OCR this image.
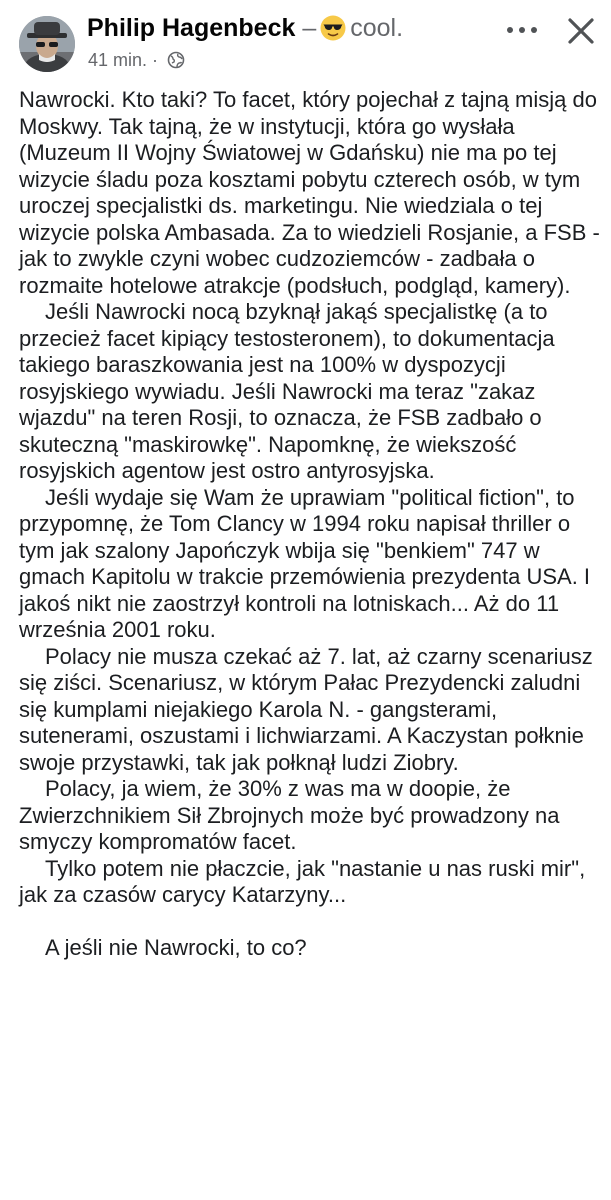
Philip Hagenbeck – cool.
41 min. ·

Nawrocki. Kto taki? To facet, który pojechał z tajną misją do Moskwy. Tak tajną, że w instytucji, która go wysłała (Muzeum II Wojny Światowej w Gdańsku) nie ma po tej wizycie śladu poza kosztami pobytu czterech osób, w tym uroczej specjalistki ds. marketingu. Nie wiedziala o tej wizycie polska Ambasada. Za to wiedzieli Rosjanie, a FSB - jak to zwykle czyni wobec cudzoziemców - zadbała o rozmaite hotelowe atrakcje (podsłuch, podgląd, kamery).

Jeśli Nawrocki nocą bzyknął jakąś specjalistkę (a to przecież facet kipiący testosteronem), to dokumentacja takiego baraszkowania jest na 100% w dyspozycji rosyjskiego wywiadu. Jeśli Nawrocki ma teraz "zakaz wjazdu" na teren Rosji, to oznacza, że FSB zadbało o skuteczną "maskirowkę". Napomknę, że wiekszość rosyjskich agentow jest ostro antyrosyjska.

Jeśli wydaje się Wam że uprawiam "political fiction", to przypomnę, że Tom Clancy w 1994 roku napisał thriller o tym jak szalony Japończyk wbija się "benkiem" 747 w gmach Kapitolu w trakcie przemówienia prezydenta USA. I jakoś nikt nie zaostrzył kontroli na lotniskach... Aż do 11 września 2001 roku.

Polacy nie musza czekać aż 7. lat, aż czarny scenariusz się ziści. Scenariusz, w którym Pałac Prezydencki zaludni się kumplami niejakiego Karola N. - gangsterami, sutenerami, oszustami i lichwiarzami. A Kaczystan połknie swoje przystawki, tak jak połknął ludzi Ziobry.

Polacy, ja wiem, że 30% z was ma w doopie, że Zwierzchnikiem Sił Zbrojnych może być prowadzony na smyczy kompromatów facet.

Tylko potem nie płaczcie, jak "nastanie u nas ruski mir", jak za czasów carycy Katarzyny...

A jeśli nie Nawrocki, to co?
